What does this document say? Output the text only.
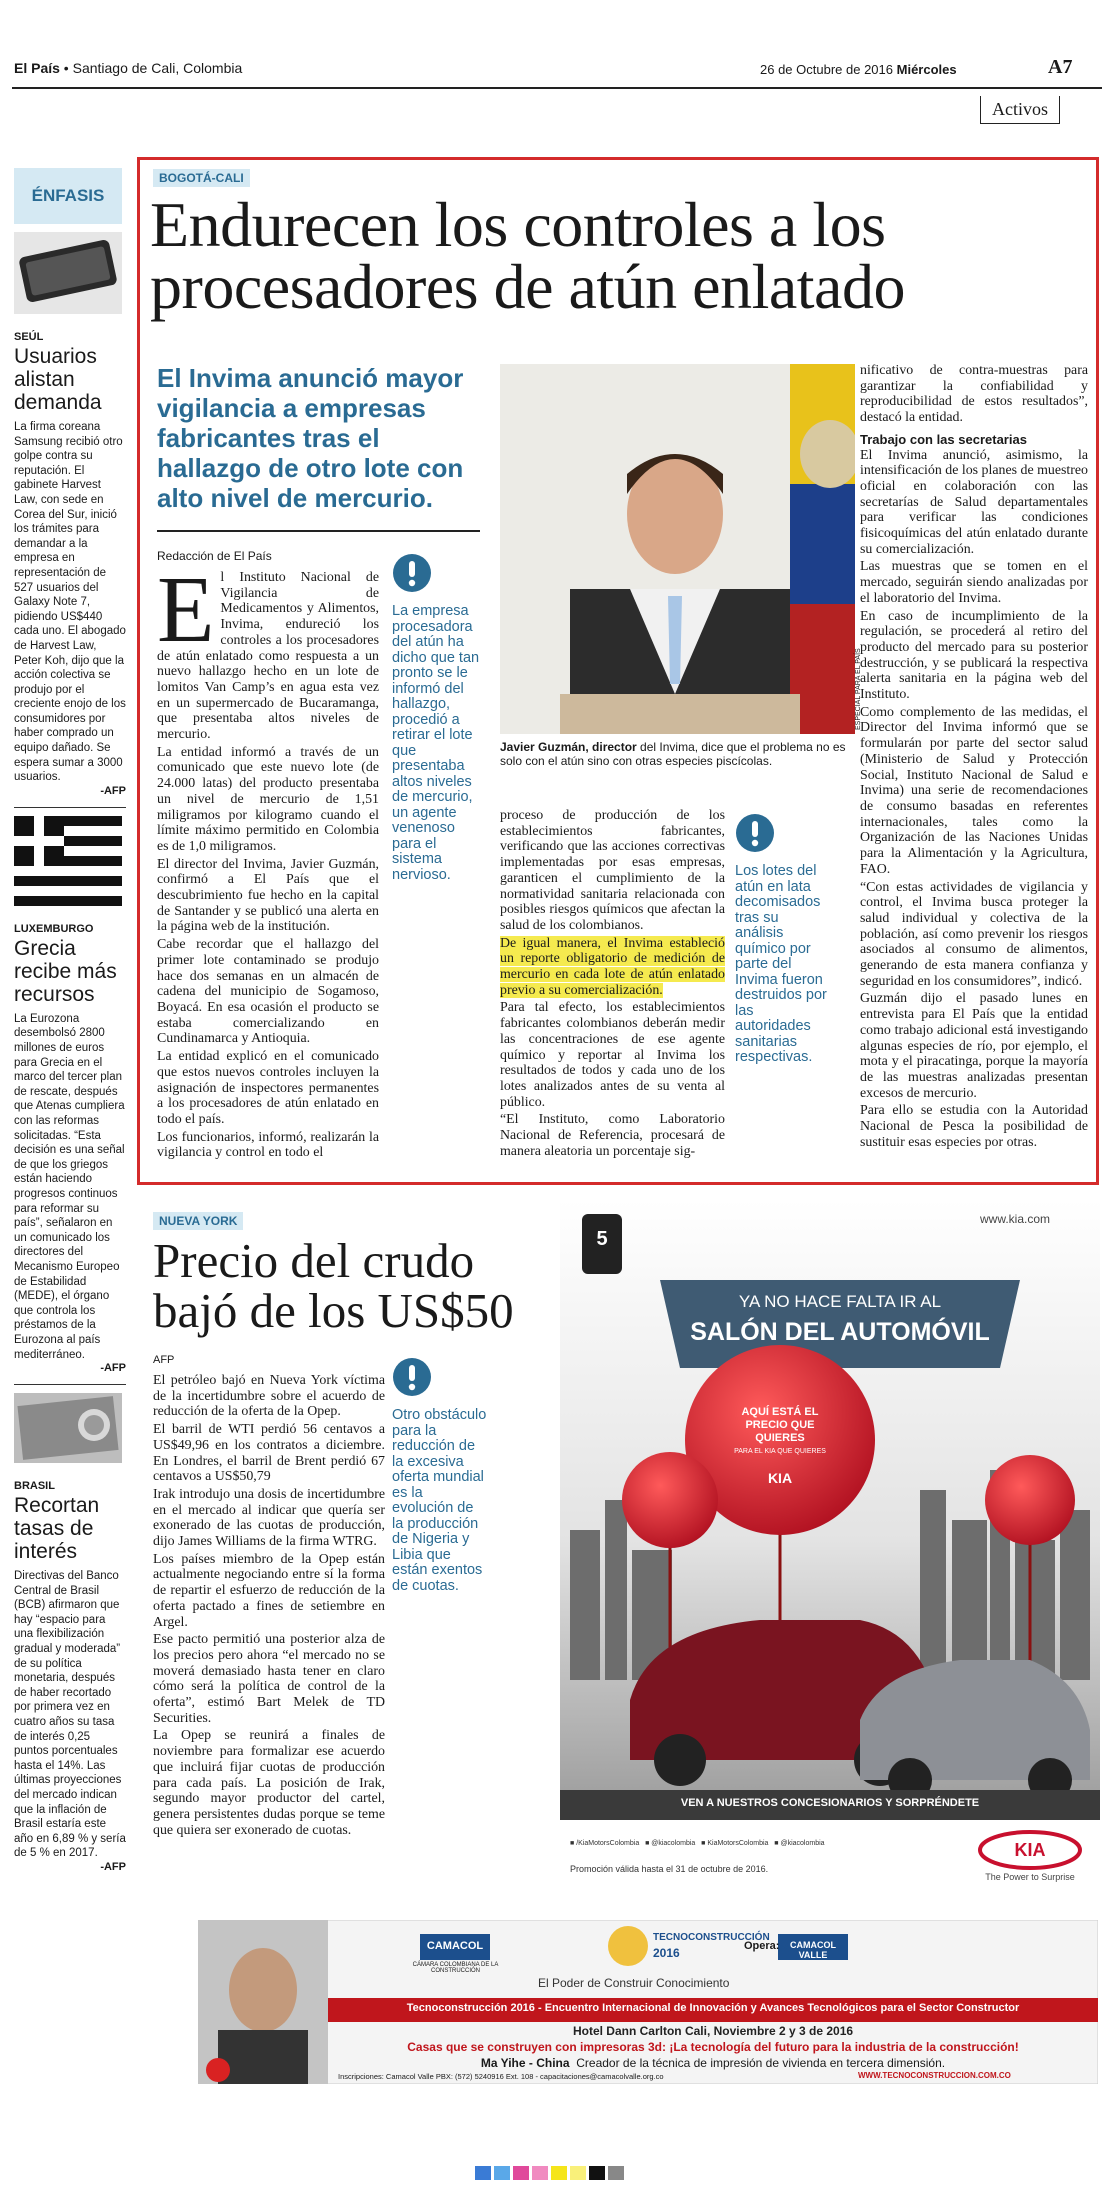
El País • Santiago de Cali, Colombia	26 de Octubre de 2016 Miércoles	A7
Activos
ÉNFASIS
SEÚL
Usuarios alistan demanda
La firma coreana Samsung recibió otro golpe contra su reputación. El gabinete Harvest Law, con sede en Corea del Sur, inició los trámites para demandar a la empresa en representación de 527 usuarios del Galaxy Note 7, pidiendo US$440 cada uno. El abogado de Harvest Law, Peter Koh, dijo que la acción colectiva se produjo por el creciente enojo de los consumidores por haber comprado un equipo dañado. Se espera sumar a 3000 usuarios.
-AFP
LUXEMBURGO
Grecia recibe más recursos
La Eurozona desembolsó 2800 millones de euros para Grecia en el marco del tercer plan de rescate, después que Atenas cumpliera con las reformas solicitadas. “Esta decisión es una señal de que los griegos están haciendo progresos continuos para reformar su país”, señalaron en un comunicado los directores del Mecanismo Europeo de Estabilidad (MEDE), el órgano que controla los préstamos de la Eurozona al país mediterráneo.
-AFP
BRASIL
Recortan tasas de interés
Directivas del Banco Central de Brasil (BCB) afirmaron que hay “espacio para una flexibilización gradual y moderada” de su política monetaria, después de haber recortado por primera vez en cuatro años su tasa de interés 0,25 puntos porcentuales hasta el 14%. Las últimas proyecciones del mercado indican que la inflación de Brasil estaría este año en 6,89 % y sería de 5 % en 2017.
-AFP
BOGOTÁ-CALI
Endurecen los controles a los procesadores de atún enlatado
El Invima anunció mayor vigilancia a empresas fabricantes tras el hallazgo de otro lote con alto nivel de mercurio.
Redacción de El País

El Instituto Nacional de Vigilancia de Medicamentos y Alimentos, Invima, endureció los controles a los procesadores de atún enlatado como respuesta a un nuevo hallazgo hecho en un lote de lomitos Van Camp’s en agua esta vez en un supermercado de Bucaramanga, que presentaba altos niveles de mercurio.

La entidad informó a través de un comunicado que este nuevo lote (de 24.000 latas) del producto presentaba un nivel de mercurio de 1,51 miligramos por kilogramo cuando el límite máximo permitido en Colombia es de 1,0 miligramos.

El director del Invima, Javier Guzmán, confirmó a El País que el descubrimiento fue hecho en la capital de Santander y se publicó una alerta en la página web de la institución.

Cabe recordar que el hallazgo del primer lote contaminado se produjo hace dos semanas en un almacén de cadena del municipio de Sogamoso, Boyacá. En esa ocasión el producto se estaba comercializando en Cundinamarca y Antioquia.

La entidad explicó en el comunicado que estos nuevos controles incluyen la asignación de inspectores permanentes a los procesadores de atún enlatado en todo el país.

Los funcionarios, informó, realizarán la vigilancia y control en todo el

La empresa procesadora del atún ha dicho que tan pronto se le informó del hallazgo, procedió a retirar el lote que presentaba altos niveles de mercurio, un agente venenoso para el sistema nervioso.
ESPECIAL PARA EL PAÍS
Javier Guzmán, director del Invima, dice que el problema no es solo con el atún sino con otras especies piscícolas.

proceso de producción de los establecimientos fabricantes, verificando que las acciones correctivas implementadas por esas empresas, garanticen el cumplimiento de la normatividad sanitaria relacionada con posibles riesgos químicos que afectan la salud de los colombianos.

De igual manera, el Invima estableció un reporte obligatorio de medición de mercurio en cada lote de atún enlatado previo a su comercialización.

Para tal efecto, los establecimientos fabricantes colombianos deberán medir las concentraciones de ese agente químico y reportar al Invima los resultados de todos y cada uno de los lotes analizados antes de su venta al público.

“El Instituto, como Laboratorio Nacional de Referencia, procesará de manera aleatoria un porcentaje sig-

Los lotes del atún en lata decomisados tras su análisis químico por parte del Invima fueron destruidos por las autoridades sanitarias respectivas.

nificativo de contra-muestras para garantizar la confiabilidad y reproducibilidad de estos resultados”, destacó la entidad.

Trabajo con las secretarias

El Invima anunció, asimismo, la intensificación de los planes de muestreo oficial en colaboración con las secretarías de Salud departamentales para verificar las condiciones fisicoquímicas del atún enlatado durante su comercialización.

Las muestras que se tomen en el mercado, seguirán siendo analizadas por el laboratorio del Invima.

En caso de incumplimiento de la regulación, se procederá al retiro del producto del mercado para su posterior destrucción, y se publicará la respectiva alerta sanitaria en la página web del Instituto.

Como complemento de las medidas, el Director del Invima informó que se formularán por parte del sector salud (Ministerio de Salud y Protección Social, Instituto Nacional de Salud e Invima) una serie de recomendaciones de consumo basadas en referentes internacionales, tales como la Organización de las Naciones Unidas para la Alimentación y la Agricultura, FAO.

“Con estas actividades de vigilancia y control, el Invima busca proteger la salud individual y colectiva de la población, así como prevenir los riesgos asociados al consumo de alimentos, generando de esta manera confianza y seguridad en los consumidores”, indicó.

Guzmán dijo el pasado lunes en entrevista para El País que la entidad como trabajo adicional está investigando algunas especies de río, por ejemplo, el mota y el piracatinga, porque la mayoría de las muestras analizadas presentan excesos de mercurio.

Para ello se estudia con la Autoridad Nacional de Pesca la posibilidad de sustituir esas especies por otras.

NUEVA YORK
Precio del crudo bajó de los US$50
AFP

El petróleo bajó en Nueva York víctima de la incertidumbre sobre el acuerdo de reducción de la oferta de la Opep.

El barril de WTI perdió 56 centavos a US$49,96 en los contratos a diciembre. En Londres, el barril de Brent perdió 67 centavos a US$50,79

Irak introdujo una dosis de incertidumbre en el mercado al indicar que quería ser exonerado de las cuotas de producción, dijo James Williams de la firma WTRG.

Los países miembro de la Opep están actualmente negociando entre sí la forma de repartir el esfuerzo de reducción de la oferta pactado a fines de setiembre en Argel.

Ese pacto permitió una posterior alza de los precios pero ahora “el mercado no se moverá demasiado hasta tener en claro cómo será la política de control de la oferta”, estimó Bart Melek de TD Securities.

La Opep se reunirá a finales de noviembre para formalizar ese acuerdo que incluirá fijar cuotas de producción para cada país. La posición de Irak, segundo mayor productor del cartel, genera persistentes dudas porque se teme que quiera ser exonerado de cuotas.

Otro obstáculo para la reducción de la excesiva oferta mundial es la evolución de la producción de Nigeria y Libia que están exentos de cuotas.
www.kia.com
5
YA NO HACE FALTA IR AL
SALÓN DEL AUTOMÓVIL
AQUÍ ESTÁ EL PRECIO QUE QUIERES
PARA EL KIA QUE QUIERES
KIA
VEN A NUESTROS CONCESIONARIOS Y SORPRÉNDETE
KIA
The Power to Surprise
■ /KiaMotorsColombia ■ @kiacolombia ■ KiaMotorsColombia ■ @kiacolombia
Promoción válida hasta el 31 de octubre de 2016.
CAMACOL
CÁMARA COLOMBIANA DE LA CONSTRUCCIÓN
TECNOCONSTRUCCIÓN
2016	Opera:	CAMACOL VALLE
El Poder de Construir Conocimiento
Tecnoconstrucción 2016 - Encuentro Internacional de Innovación y Avances Tecnológicos para el Sector Constructor
Hotel Dann Carlton Cali, Noviembre 2 y 3 de 2016
Casas que se construyen con impresoras 3d: ¡La tecnología del futuro para la industria de la construcción!
Ma Yihe - China Creador de la técnica de impresión de vivienda en tercera dimensión.
Inscripciones: Camacol Valle PBX: (572) 5240916 Ext. 108 - capacitaciones@camacolvalle.org.co	WWW.TECNOCONSTRUCCION.COM.CO
